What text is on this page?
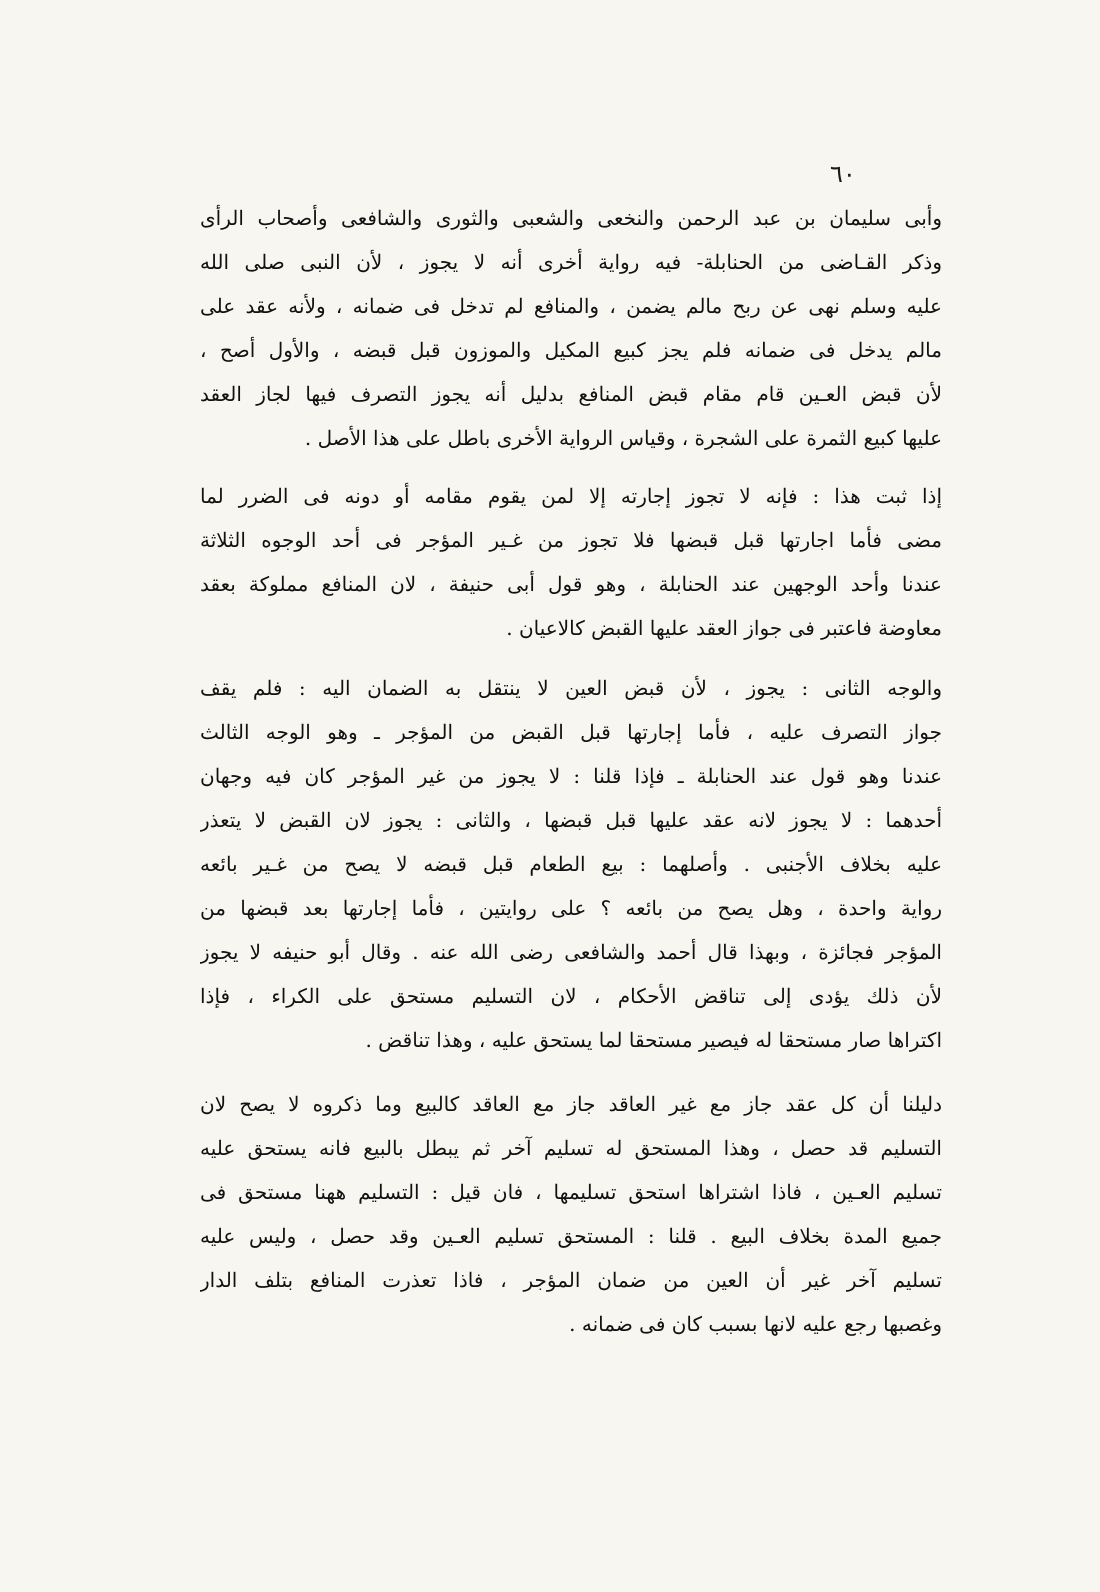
٦٠
وأبى سليمان بن عبد الرحمن والنخعى والشعبى والثورى والشافعى وأصحاب الرأى
وذكر القـاضى من الحنابلة- فيه رواية أخرى أنه لا يجوز ، لأن النبى صلى الله
عليه وسلم نهى عن ربح مالم يضمن ، والمنافع لم تدخل فى ضمانه ، ولأنه عقد على
مالم يدخل فى ضمانه فلم يجز كبيع المكيل والموزون قبل قبضه ، والأول أصح ،
لأن قبض العـين قام مقام قبض المنافع بدليل أنه يجوز التصرف فيها لجاز العقد
عليها كبيع الثمرة على الشجرة ، وقياس الرواية الأخرى باطل على هذا الأصل .
إذا ثبت هذا : فإنه لا تجوز إجارته إلا لمن يقوم مقامه أو دونه فى الضرر لما
مضى فأما اجارتها قبل قبضها فلا تجوز من غـير المؤجر فى أحد الوجوه الثلاثة
عندنا وأحد الوجهين عند الحنابلة ، وهو قول أبى حنيفة ، لان المنافع مملوكة بعقد
معاوضة فاعتبر فى جواز العقد عليها القبض كالاعيان .
والوجه الثانى : يجوز ، لأن قبض العين لا ينتقل به الضمان اليه : فلم يقف
جواز التصرف عليه ، فأما إجارتها قبل القبض من المؤجر ـ وهو الوجه الثالث
عندنا وهو قول عند الحنابلة ـ فإذا قلنا : لا يجوز من غير المؤجر كان فيه وجهان
أحدهما : لا يجوز لانه عقد عليها قبل قبضها ، والثانى : يجوز لان القبض لا يتعذر
عليه بخلاف الأجنبى . وأصلهما : بيع الطعام قبل قبضه لا يصح من غـير بائعه
رواية واحدة ، وهل يصح من بائعه ؟ على روايتين ، فأما إجارتها بعد قبضها من
المؤجر فجائزة ، وبهذا قال أحمد والشافعى رضى الله عنه . وقال أبو حنيفه لا يجوز
لأن ذلك يؤدى إلى تناقض الأحكام ، لان التسليم مستحق على الكراء ، فإذا
اكتراها صار مستحقا له فيصير مستحقا لما يستحق عليه ، وهذا تناقض .
دليلنا أن كل عقد جاز مع غير العاقد جاز مع العاقد كالبيع وما ذكروه لا يصح لان
التسليم قد حصل ، وهذا المستحق له تسليم آخر ثم يبطل بالبيع فانه يستحق عليه
تسليم العـين ، فاذا اشتراها استحق تسليمها ، فان قيل : التسليم ههنا مستحق فى
جميع المدة بخلاف البيع . قلنا : المستحق تسليم العـين وقد حصل ، وليس عليه
تسليم آخر غير أن العين من ضمان المؤجر ، فاذا تعذرت المنافع بتلف الدار
وغصبها رجع عليه لانها بسبب كان فى ضمانه .
